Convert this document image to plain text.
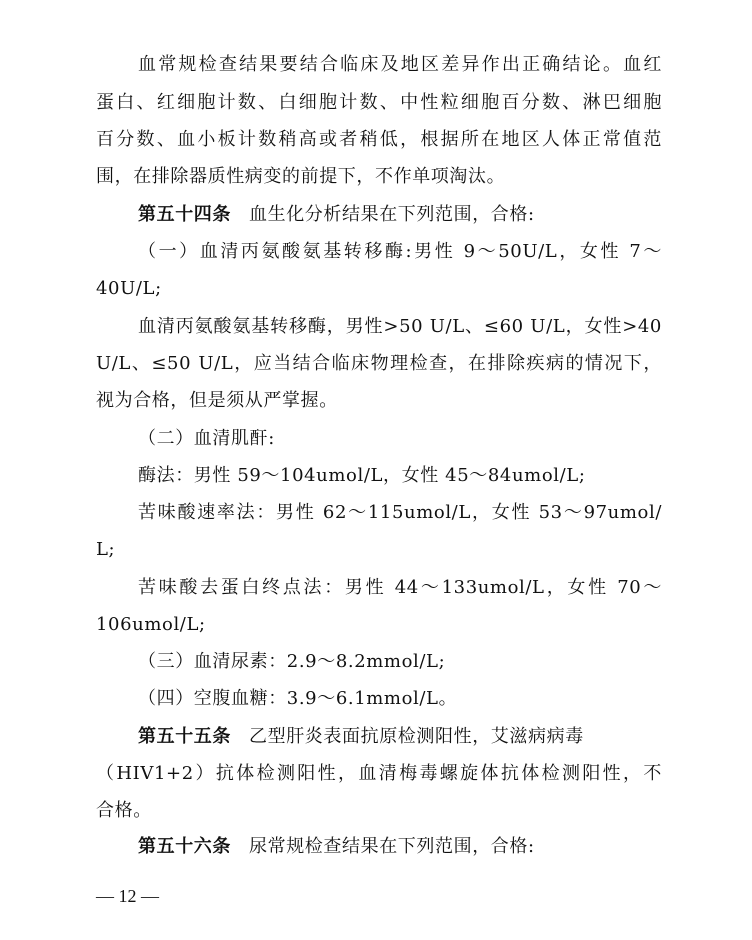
血常规检查结果要结合临床及地区差异作出正确结论。血红
蛋白、红细胞计数、白细胞计数、中性粒细胞百分数、淋巴细胞
百分数、血小板计数稍高或者稍低，根据所在地区人体正常值范
围，在排除器质性病变的前提下，不作单项淘汰。
第五十四条 血生化分析结果在下列范围，合格:
（一）血清丙氨酸氨基转移酶:男性 9～50U/L，女性 7～
40U/L;
血清丙氨酸氨基转移酶，男性>50 U/L、≤60 U/L，女性>40
U/L、≤50 U/L，应当结合临床物理检查，在排除疾病的情况下，
视为合格，但是须从严掌握。
（二）血清肌酐:
酶法：男性 59～104umol/L，女性 45～84umol/L;
苦味酸速率法：男性 62～115umol/L，女性 53～97umol/
L;
苦味酸去蛋白终点法：男性 44～133umol/L，女性 70～
106umol/L;
（三）血清尿素：2.9～8.2mmol/L;
（四）空腹血糖：3.9～6.1mmol/L。
第五十五条 乙型肝炎表面抗原检测阳性，艾滋病病毒
（HIV1+2）抗体检测阳性，血清梅毒螺旋体抗体检测阳性，不
合格。
第五十六条 尿常规检查结果在下列范围，合格:
— 12 —
